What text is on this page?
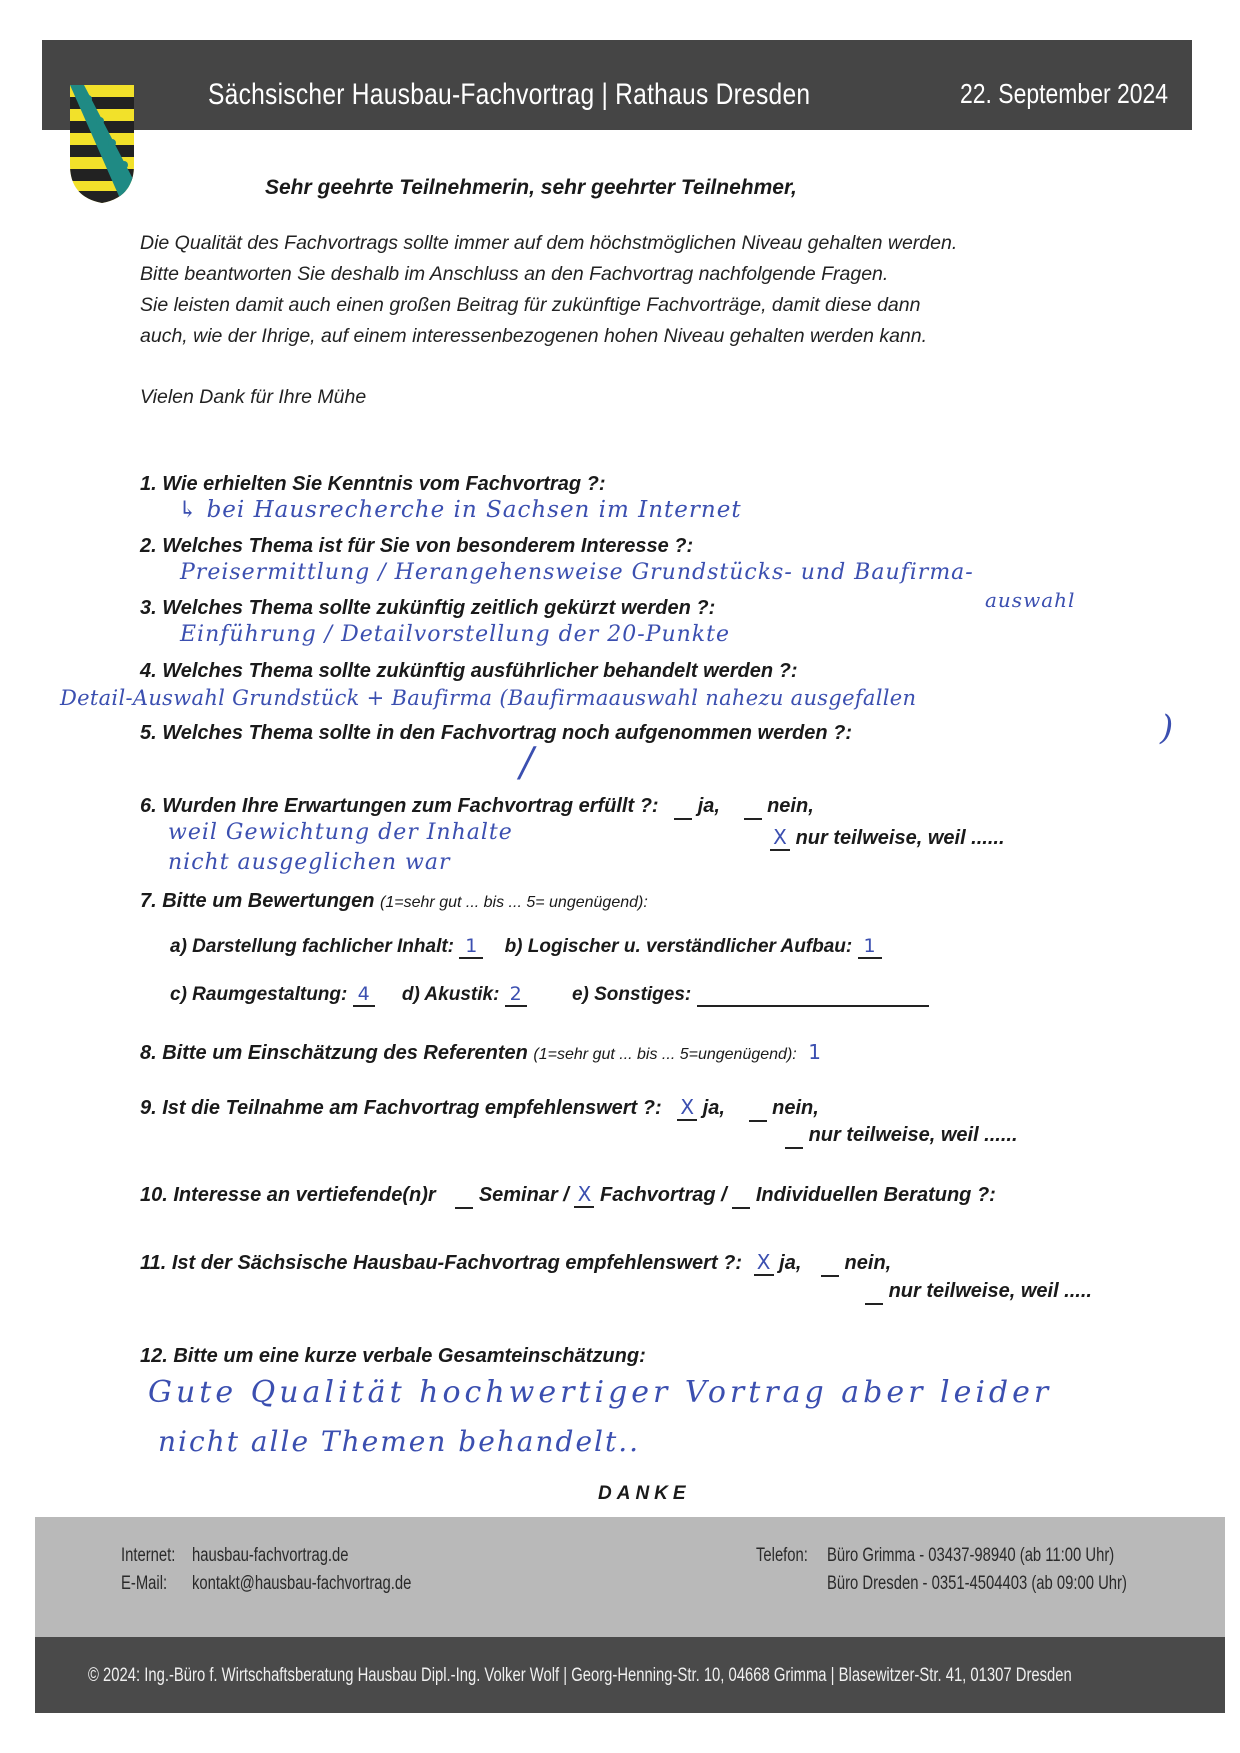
Sächsischer Hausbau-Fachvortrag | Rathaus Dresden	22. September 2024
Sehr geehrte Teilnehmerin, sehr geehrter Teilnehmer,
Die Qualität des Fachvortrags sollte immer auf dem höchstmöglichen Niveau gehalten werden.
Bitte beantworten Sie deshalb im Anschluss an den Fachvortrag nachfolgende Fragen.
Sie leisten damit auch einen großen Beitrag für zukünftige Fachvorträge, damit diese dann
auch, wie der Ihrige, auf einem interessenbezogenen hohen Niveau gehalten werden kann.
Vielen Dank für Ihre Mühe
1. Wie erhielten Sie Kenntnis vom Fachvortrag ?:
↳ bei Hausrecherche in Sachsen im Internet
2. Welches Thema ist für Sie von besonderem Interesse ?:
Preisermittlung / Herangehensweise Grundstücks- und Baufirma-
auswahl
3. Welches Thema sollte zukünftig zeitlich gekürzt werden ?:
Einführung / Detailvorstellung der 20-Punkte
4. Welches Thema sollte zukünftig ausführlicher behandelt werden ?:
Detail-Auswahl Grundstück + Baufirma (Baufirmaauswahl nahezu ausgefallen
)
5. Welches Thema sollte in den Fachvortrag noch aufgenommen werden ?:
/
6. Wurden Ihre Erwartungen zum Fachvortrag erfüllt ?: ja, nein,
X nur teilweise, weil ......
weil Gewichtung der Inhalte
nicht ausgeglichen war
7. Bitte um Bewertungen (1=sehr gut ... bis ... 5= ungenügend):
a) Darstellung fachlicher Inhalt: 1 b) Logischer u. verständlicher Aufbau: 1
c) Raumgestaltung: 4 d) Akustik: 2	e) Sonstiges:
8. Bitte um Einschätzung des Referenten (1=sehr gut ... bis ... 5=ungenügend): 1
9. Ist die Teilnahme am Fachvortrag empfehlenswert ?: X ja, nein,
nur teilweise, weil ......
10. Interesse an vertiefende(n)r Seminar / X Fachvortrag / Individuellen Beratung ?:
11. Ist der Sächsische Hausbau-Fachvortrag empfehlenswert ?: X ja, nein,
nur teilweise, weil .....
12. Bitte um eine kurze verbale Gesamteinschätzung:
Gute Qualität hochwertiger Vortrag aber leider
nicht alle Themen behandelt..
DANKE
Internet: hausbau-fachvortrag.de
E-Mail: kontakt@hausbau-fachvortrag.de
Telefon: Büro Grimma - 03437-98940 (ab 11:00 Uhr)
Büro Dresden - 0351-4504403 (ab 09:00 Uhr)
© 2024: Ing.-Büro f. Wirtschaftsberatung Hausbau Dipl.-Ing. Volker Wolf | Georg-Henning-Str. 10, 04668 Grimma | Blasewitzer-Str. 41, 01307 Dresden
